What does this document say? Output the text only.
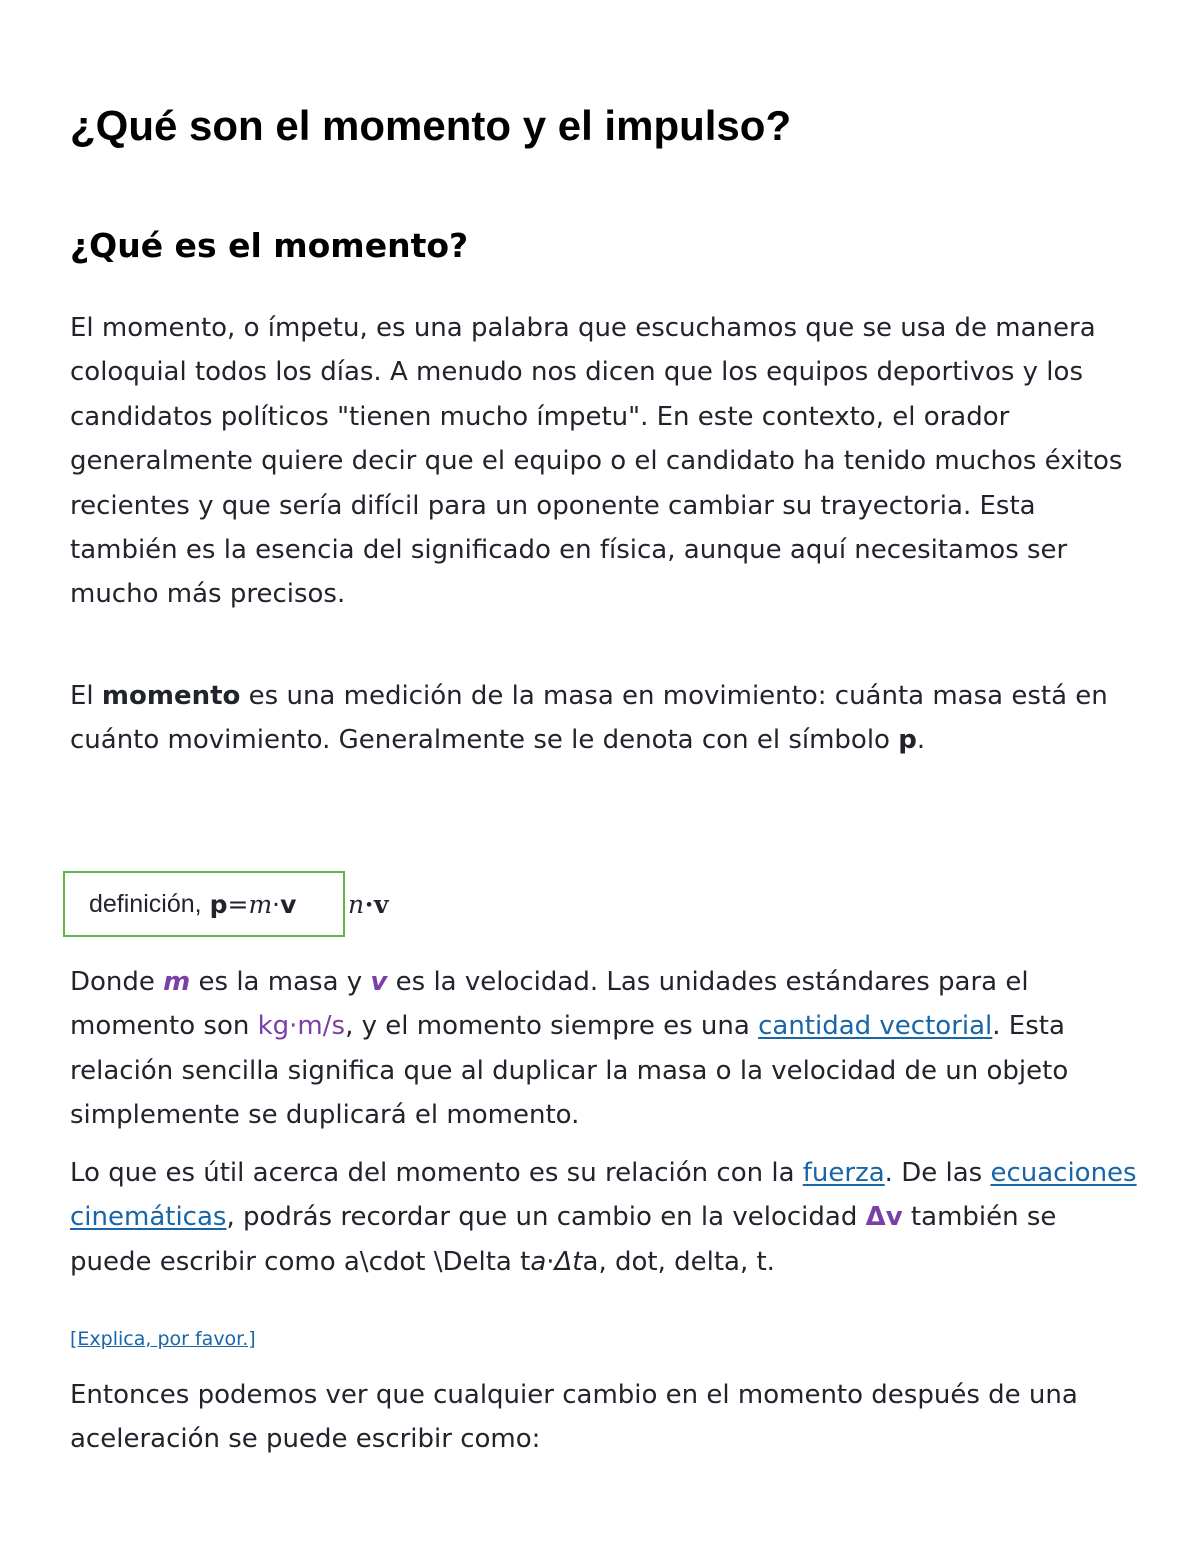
¿Qué son el momento y el impulso?
¿Qué es el momento?

El momento, o ímpetu, es una palabra que escuchamos que se usa de manera coloquial todos los días. A menudo nos dicen que los equipos deportivos y los candidatos políticos "tienen mucho ímpetu". En este contexto, el orador generalmente quiere decir que el equipo o el candidato ha tenido muchos éxitos recientes y que sería difícil para un oponente cambiar su trayectoria. Esta también es la esencia del significado en física, aunque aquí necesitamos ser mucho más precisos.

El momento es una medición de la masa en movimiento: cuánta masa está en cuánto movimiento. Generalmente se le denota con el símbolo p.

n⋅v
definición, p=m⋅v

Donde m es la masa y v es la velocidad. Las unidades estándares para el momento son kg⋅m/s, y el momento siempre es una cantidad vectorial. Esta relación sencilla significa que al duplicar la masa o la velocidad de un objeto simplemente se duplicará el momento.

Lo que es útil acerca del momento es su relación con la fuerza. De las ecuaciones cinemáticas, podrás recordar que un cambio en la velocidad Δv también se puede escribir como a\cdot \Delta ta⋅Δta, dot, delta, t.

[Explica, por favor.]

Entonces podemos ver que cualquier cambio en el momento después de una aceleración se puede escribir como:
